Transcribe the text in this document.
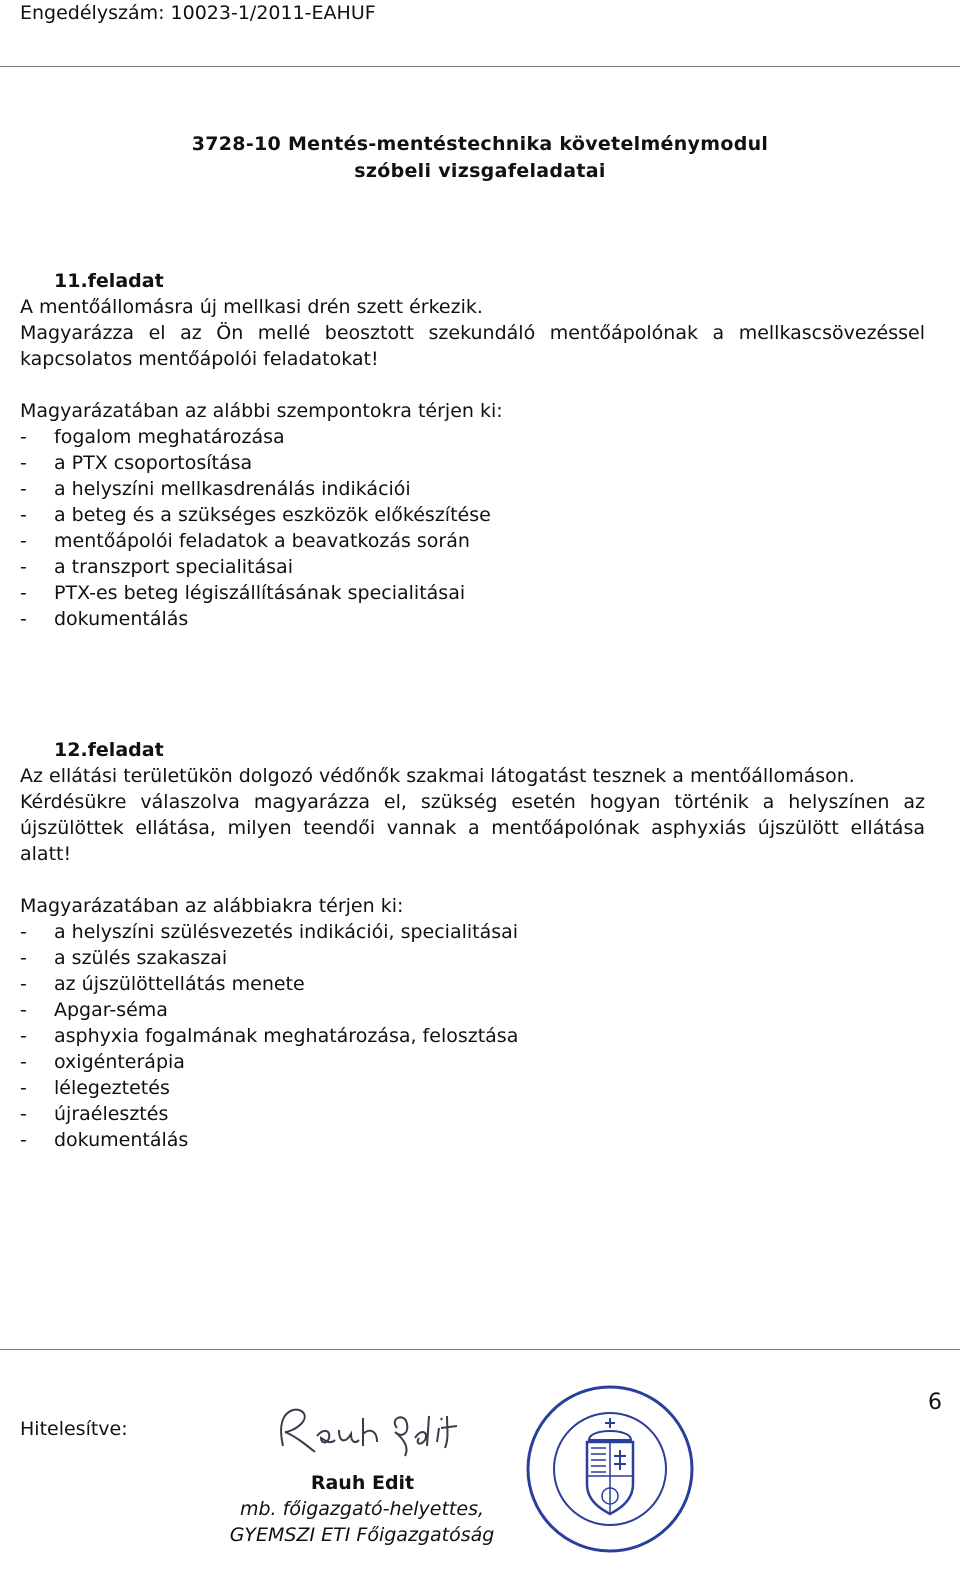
Engedélyszám: 10023-1/2011-EAHUF
3728-10 Mentés-mentéstechnika követelménymodul
szóbeli vizsgafeladatai
11.feladat
A mentőállomásra új mellkasi drén szett érkezik.
Magyarázza el az Ön mellé beosztott szekundáló mentőápolónak a mellkascsövezéssel kapcsolatos mentőápolói feladatokat!
Magyarázatában az alábbi szempontokra térjen ki:
-	fogalom meghatározása
-	a PTX csoportosítása
-	a helyszíni mellkasdrenálás indikációi
-	a beteg és a szükséges eszközök előkészítése
-	mentőápolói feladatok a beavatkozás során
-	a transzport specialitásai
-	PTX-es beteg légiszállításának specialitásai
-	dokumentálás
12.feladat
Az ellátási területükön dolgozó védőnők szakmai látogatást tesznek a mentőállomáson.
Kérdésükre válaszolva magyarázza el, szükség esetén hogyan történik a helyszínen az újszülöttek ellátása, milyen teendői vannak a mentőápolónak asphyxiás újszülött ellátása alatt!
Magyarázatában az alábbiakra térjen ki:
-	a helyszíni szülésvezetés indikációi, specialitásai
-	a szülés szakaszai
-	az újszülöttellátás menete
-	Apgar-séma
-	asphyxia fogalmának meghatározása, felosztása
-	oxigénterápia
-	lélegeztetés
-	újraélesztés
-	dokumentálás
6
Hitelesítve:
Rauh Edit
mb. főigazgató-helyettes,
GYEMSZI ETI Főigazgatóság
